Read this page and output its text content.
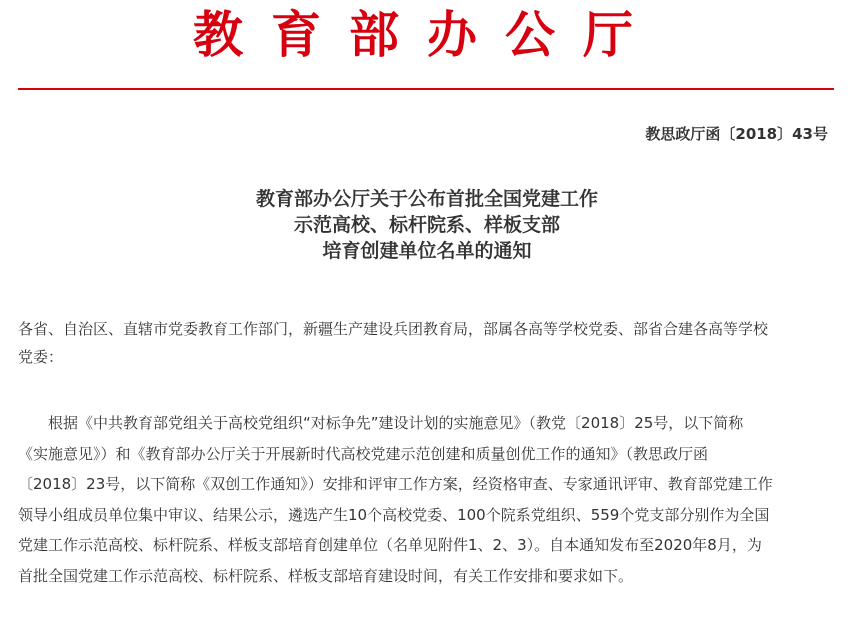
教育部办公厅
教思政厅函〔2018〕43号
教育部办公厅关于公布首批全国党建工作
示范高校、标杆院系、样板支部
培育创建单位名单的通知
各省、自治区、直辖市党委教育工作部门，新疆生产建设兵团教育局，部属各高等学校党委、部省合建各高等学校
党委：
根据《中共教育部党组关于高校党组织“对标争先”建设计划的实施意见》（教党〔2018〕25号，以下简称
《实施意见》）和《教育部办公厅关于开展新时代高校党建示范创建和质量创优工作的通知》（教思政厅函
〔2018〕23号，以下简称《双创工作通知》）安排和评审工作方案，经资格审查、专家通讯评审、教育部党建工作
领导小组成员单位集中审议、结果公示，遴选产生10个高校党委、100个院系党组织、559个党支部分别作为全国
党建工作示范高校、标杆院系、样板支部培育创建单位（名单见附件1、2、3）。自本通知发布至2020年8月，为
首批全国党建工作示范高校、标杆院系、样板支部培育建设时间，有关工作安排和要求如下。
